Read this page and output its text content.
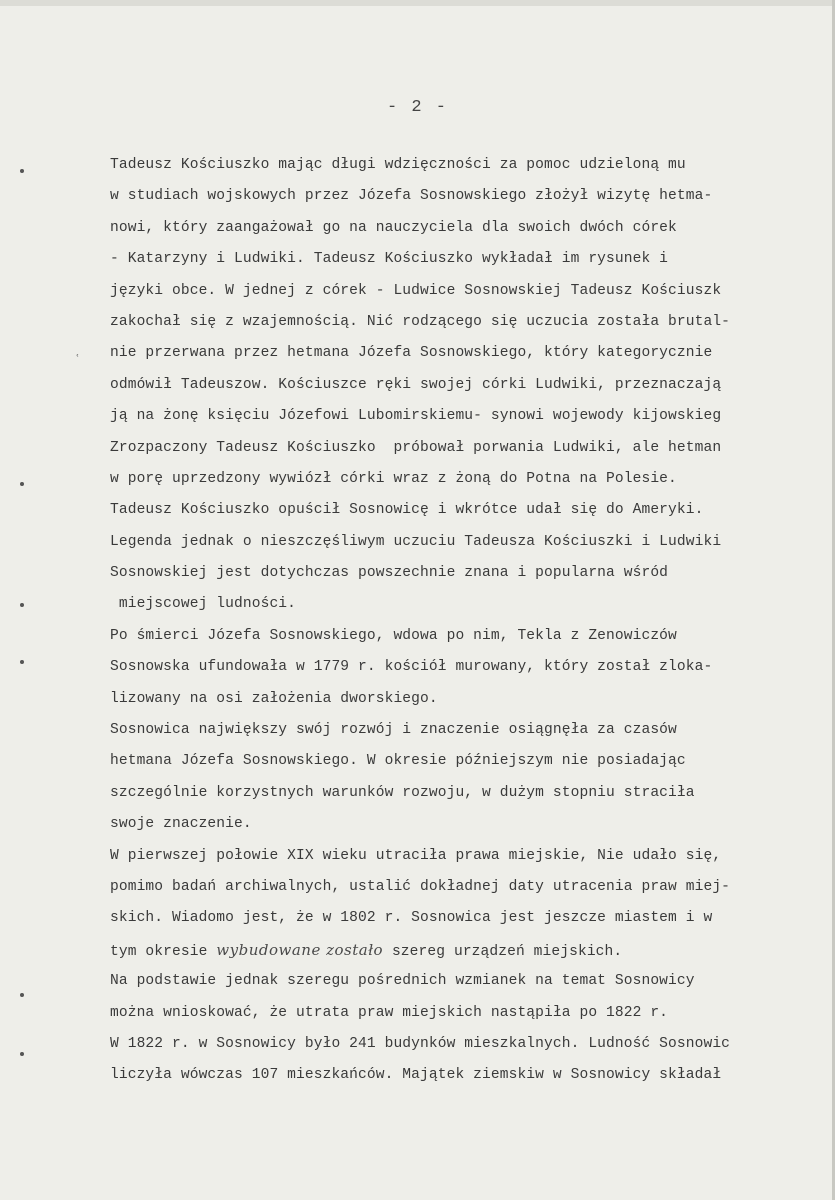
- 2 -
ʿ
Tadeusz Kościuszko mając długi wdzięczności za pomoc udzieloną mu
w studiach wojskowych przez Józefa Sosnowskiego złożył wizytę hetma-
nowi, który zaangażował go na nauczyciela dla swoich dwóch córek
- Katarzyny i Ludwiki. Tadeusz Kościuszko wykładał im rysunek i
języki obce. W jednej z córek - Ludwice Sosnowskiej Tadeusz Kościuszk
zakochał się z wzajemnością. Nić rodzącego się uczucia została brutal-
nie przerwana przez hetmana Józefa Sosnowskiego, który kategorycznie
odmówił Tadeuszow. Kościuszce ręki swojej córki Ludwiki, przeznaczają
ją na żonę księciu Józefowi Lubomirskiemu- synowi wojewody kijowskieg
Zrozpaczony Tadeusz Kościuszko  próbował porwania Ludwiki, ale hetman
w porę uprzedzony wywiózł córki wraz z żoną do Potna na Polesie.
Tadeusz Kościuszko opuścił Sosnowicę i wkrótce udał się do Ameryki.
Legenda jednak o nieszczęśliwym uczuciu Tadeusza Kościuszki i Ludwiki
Sosnowskiej jest dotychczas powszechnie znana i popularna wśród
miejscowej ludności.
Po śmierci Józefa Sosnowskiego, wdowa po nim, Tekla z Zenowiczów
Sosnowska ufundowała w 1779 r. kościół murowany, który został zloka-
lizowany na osi założenia dworskiego.
Sosnowica największy swój rozwój i znaczenie osiągnęła za czasów
hetmana Józefa Sosnowskiego. W okresie późniejszym nie posiadając
szczególnie korzystnych warunków rozwoju, w dużym stopniu straciła
swoje znaczenie.
W pierwszej połowie XIX wieku utraciła prawa miejskie, Nie udało się,
pomimo badań archiwalnych, ustalić dokładnej daty utracenia praw miej-
skich. Wiadomo jest, że w 1802 r. Sosnowica jest jeszcze miastem i w
tym okresie wybudowane zostało szereg urządzeń miejskich.
Na podstawie jednak szeregu pośrednich wzmianek na temat Sosnowicy
można wnioskować, że utrata praw miejskich nastąpiła po 1822 r.
W 1822 r. w Sosnowicy było 241 budynków mieszkalnych. Ludność Sosnowic
liczyła wówczas 107 mieszkańców. Majątek ziemskiw w Sosnowicy składał
